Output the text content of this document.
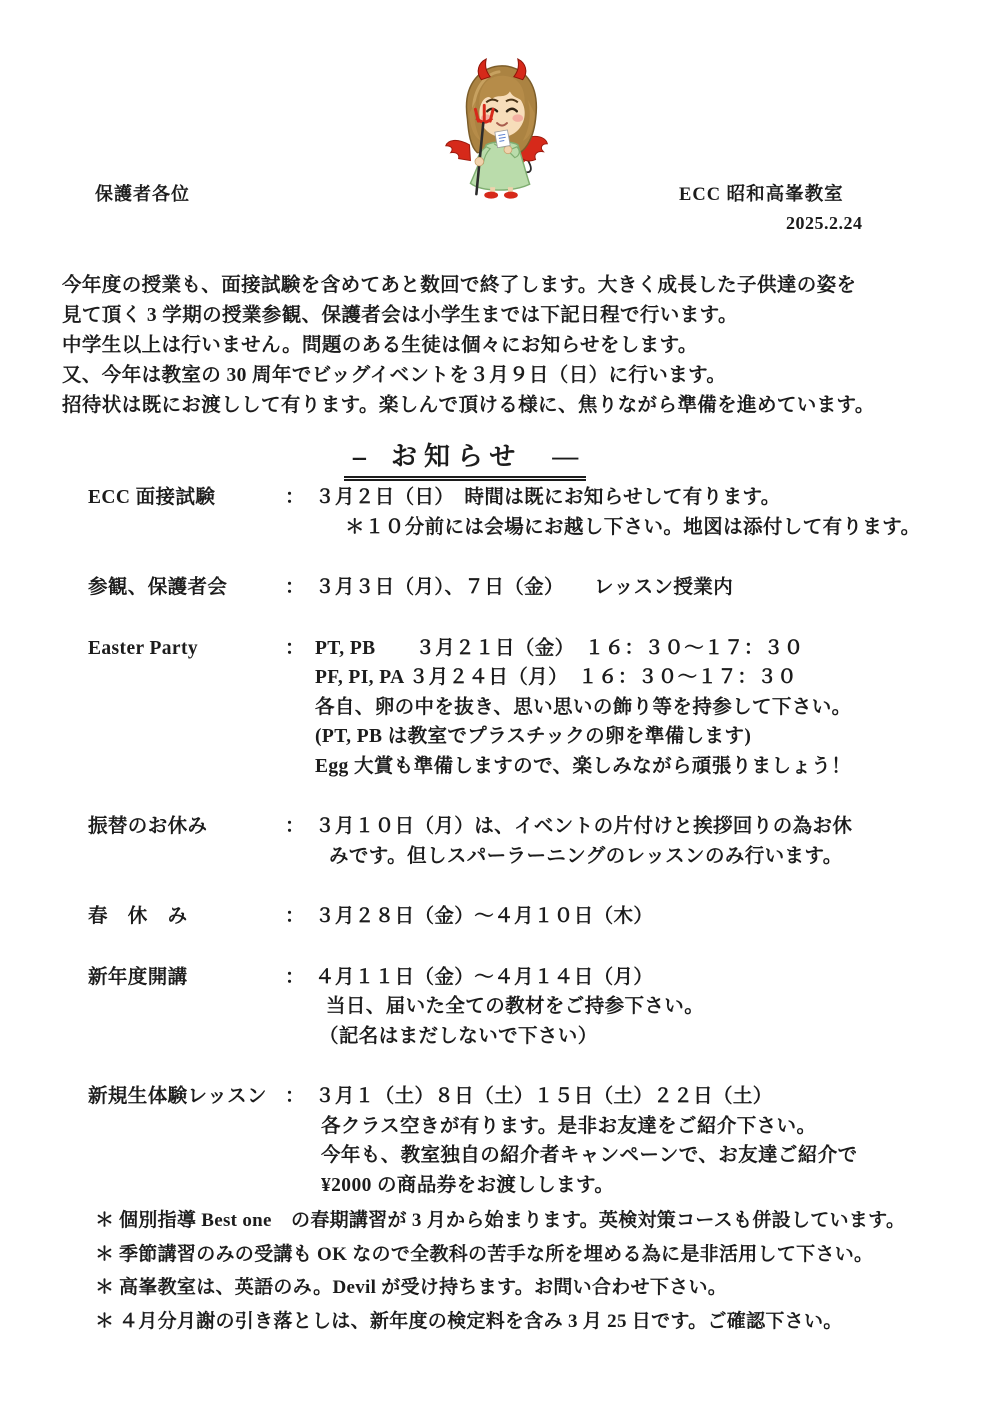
保護者各位	ECC 昭和高峯教室
2025.2.24
今年度の授業も、面接試験を含めてあと数回で終了します。大きく成長した子供達の姿を
見て頂く 3 学期の授業参観、保護者会は小学生までは下記日程で行います。
中学生以上は行いません。問題のある生徒は個々にお知らせをします。
又、今年は教室の 30 周年でビッグイベントを３月９日（日）に行います。
招待状は既にお渡しして有ります。楽しんで頂ける様に、焦りながら準備を進めています。
-- お知らせ ―
ECC 面接試験	： ３月２日（日）　時間は既にお知らせして有ります。
＊１０分前には会場にお越し下さい。地図は添付して有ります。
参観、保護者会	： ３月３日（月）、７日（金）　　レッスン授業内
Easter Party	： PT, PB　　３月２１日（金）　１６：３０～１７：３０
PF, PI, PA ３月２４日（月）　１６：３０～１７：３０
各自、卵の中を抜き、思い思いの飾り等を持参して下さい。
(PT, PB は教室でプラスチックの卵を準備します)
Egg 大賞も準備しますので、楽しみながら頑張りましょう！
振替のお休み	： ３月１０日（月）は、イベントの片付けと挨拶回りの為お休
みです。但しスパーラーニングのレッスンのみ行います。
春　休　み	： ３月２８日（金）～４月１０日（木）
新年度開講	： ４月１１日（金）～４月１４日（月）
当日、届いた全ての教材をご持参下さい。
（記名はまだしないで下さい）
新規生体験レッスン ： ３月１（土）８日（土）１５日（土）２２日（土）
各クラス空きが有ります。是非お友達をご紹介下さい。
今年も、教室独自の紹介者キャンペーンで、お友達ご紹介で
¥2000 の商品券をお渡しします。
＊ 個別指導 Best one　の春期講習が 3 月から始まります。英検対策コースも併設しています。
＊ 季節講習のみの受講も OK なので全教科の苦手な所を埋める為に是非活用して下さい。
＊ 高峯教室は、英語のみ。Devil が受け持ちます。お問い合わせ下さい。
＊ ４月分月謝の引き落としは、新年度の検定料を含み 3 月 25 日です。ご確認下さい。
